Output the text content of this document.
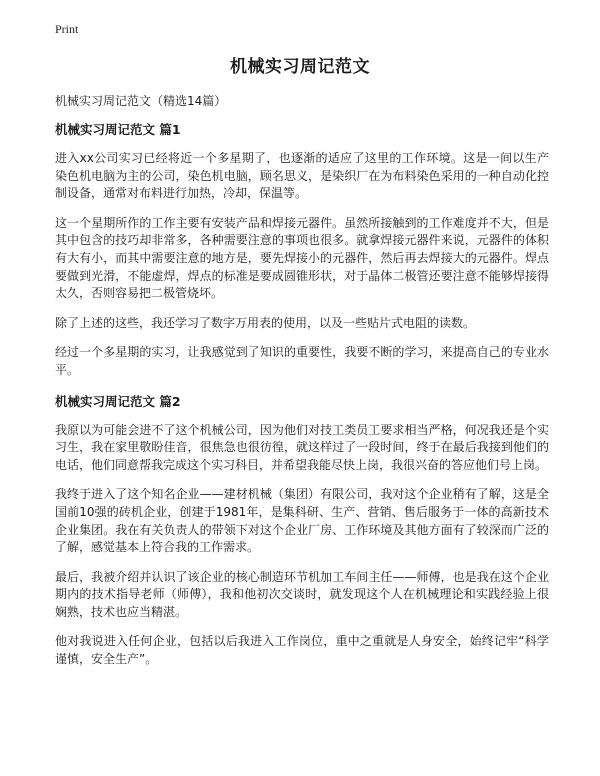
Print
机械实习周记范文

机械实习周记范文（精选14篇）

机械实习周记范文 篇1

进入xx公司实习已经将近一个多星期了，也逐渐的适应了这里的工作环境。这是一间以生产染色机电脑为主的公司，染色机电脑，顾名思义，是染织厂在为布料染色采用的一种自动化控制设备，通常对布料进行加热，冷却，保温等。

这一个星期所作的工作主要有安装产品和焊接元器件。虽然所接触到的工作难度并不大，但是其中包含的技巧却非常多，各种需要注意的事项也很多。就拿焊接元器件来说，元器件的体积有大有小，而其中需要注意的地方是，要先焊接小的元器件，然后再去焊接大的元器件。焊点要做到光滑，不能虚焊，焊点的标准是要成圆锥形状，对于晶体二极管还要注意不能够焊接得太久，否则容易把二极管烧坏。

除了上述的这些，我还学习了数字万用表的使用，以及一些贴片式电阻的读数。

经过一个多星期的实习，让我感觉到了知识的重要性，我要不断的学习，来提高自己的专业水平。

机械实习周记范文 篇2

我原以为可能会进不了这个机械公司，因为他们对技工类员工要求相当严格，何况我还是个实习生，我在家里敬盼佳音，很焦急也很彷徨，就这样过了一段时间，终于在最后我接到他们的电话，他们同意帮我完成这个实习科目，并希望我能尽快上岗，我很兴奋的答应他们号上岗。

我终于进入了这个知名企业——建材机械（集团）有限公司，我对这个企业稍有了解，这是全国前10强的砖机企业，创建于1981年，是集科研、生产、营销、售后服务于一体的高新技术企业集团。我在有关负责人的带领下对这个企业厂房、工作环境及其他方面有了较深而广泛的了解，感觉基本上符合我的工作需求。

最后，我被介绍并认识了该企业的核心制造环节机加工车间主任——师傅，也是我在这个企业期内的技术指导老师（师傅），我和他初次交谈时，就发现这个人在机械理论和实践经验上很娴熟，技术也应当精湛。

他对我说进入任何企业，包括以后我进入工作岗位，重中之重就是人身安全，始终记牢“科学谨慎，安全生产”。
